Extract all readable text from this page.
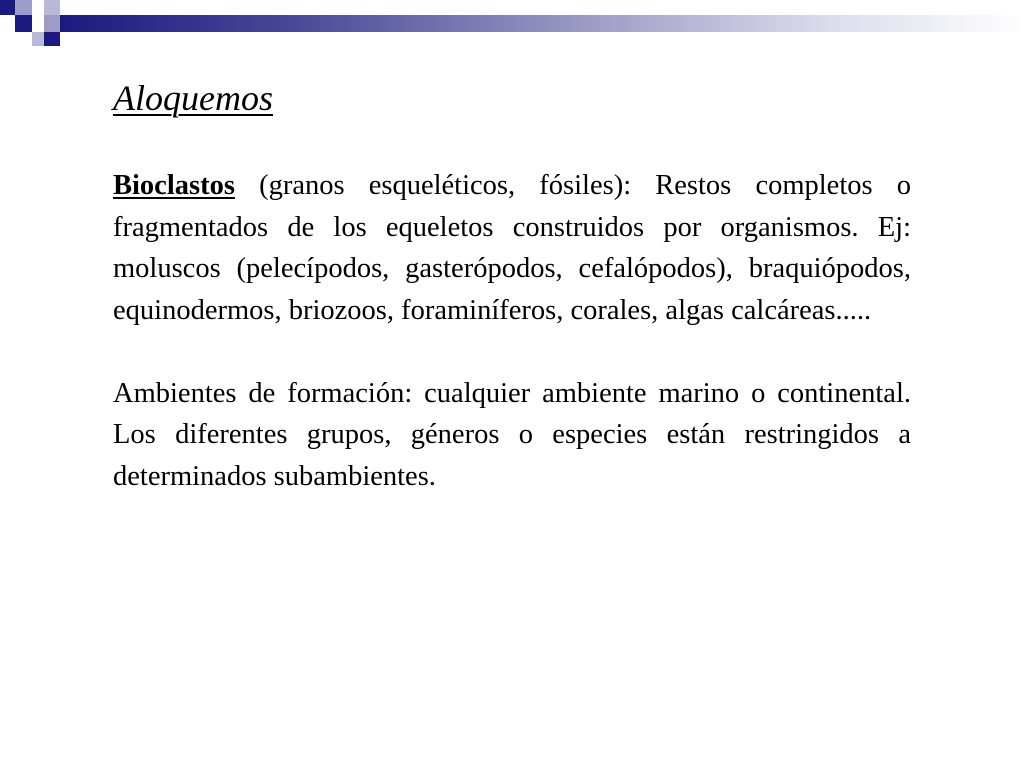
Aloquemos

Bioclastos (granos esqueléticos, fósiles): Restos completos o fragmentados de los equeletos construidos por organismos. Ej: moluscos (pelecípodos, gasterópodos, cefalópodos), braquiópodos, equinodermos, briozoos, foraminíferos, corales, algas calcáreas.....

Ambientes de formación: cualquier ambiente marino o continental. Los diferentes grupos, géneros o especies están restringidos a determinados subambientes.
